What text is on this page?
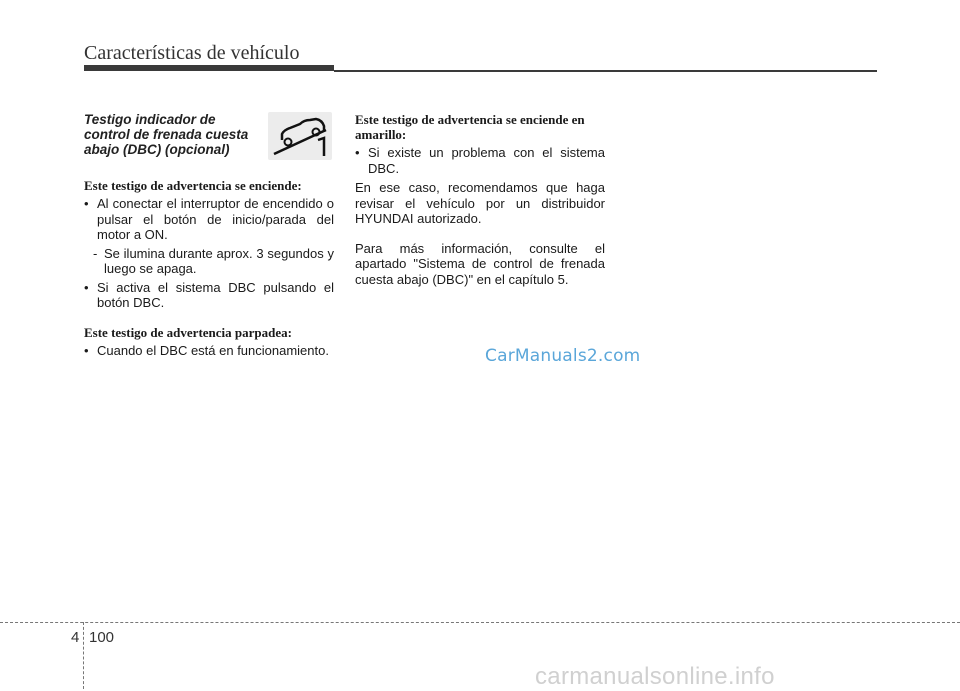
Características de vehículo
Testigo indicador de control de frenada cuesta abajo (DBC) (opcional)

Este testigo de advertencia se enciende:

• Al conectar el interruptor de encendido o pulsar el botón de inicio/parada del motor a ON.
- Se ilumina durante aprox. 3 segundos y luego se apaga.
• Si activa el sistema DBC pulsando el botón DBC.

Este testigo de advertencia parpadea:

• Cuando el DBC está en funcionamiento.

Este testigo de advertencia se enciende en amarillo:

• Si existe un problema con el sistema DBC.

En ese caso, recomendamos que haga revisar el vehículo por un distribuidor HYUNDAI autorizado.

Para más información, consulte el apartado "Sistema de control de frenada cuesta abajo (DBC)" en el capítulo 5.

CarManuals2.com
4 100
carmanualsonline.info
